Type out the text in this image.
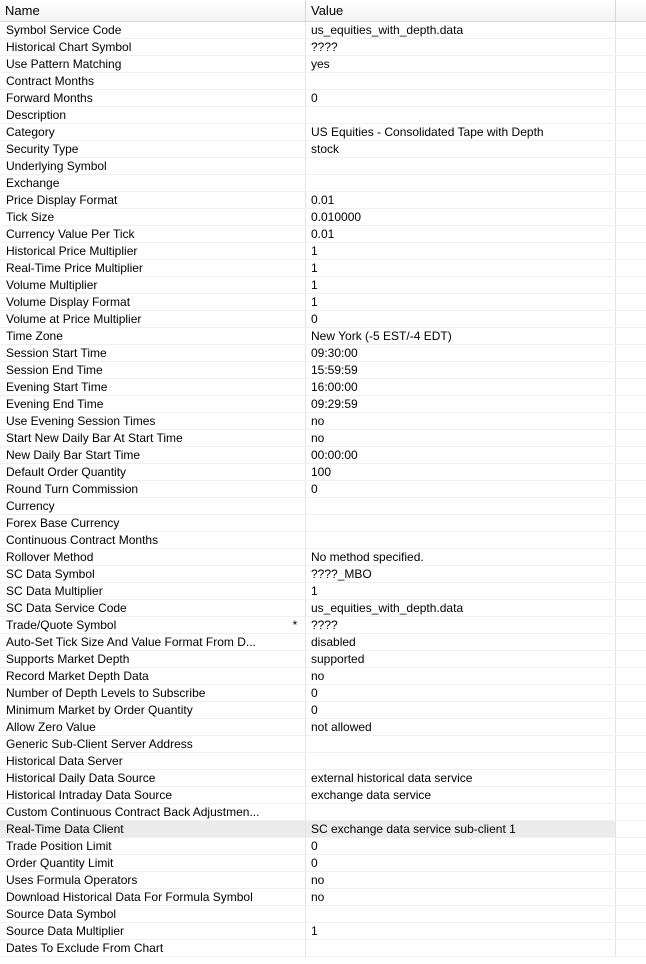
Name	Value
Symbol Service Code	us_equities_with_depth.data
Historical Chart Symbol	????
Use Pattern Matching	yes
Contract Months
Forward Months	0
Description
Category	US Equities - Consolidated Tape with Depth
Security Type	stock
Underlying Symbol
Exchange
Price Display Format	0.01
Tick Size	0.010000
Currency Value Per Tick	0.01
Historical Price Multiplier	1
Real-Time Price Multiplier	1
Volume Multiplier	1
Volume Display Format	1
Volume at Price Multiplier	0
Time Zone	New York (-5 EST/-4 EDT)
Session Start Time	09:30:00
Session End Time	15:59:59
Evening Start Time	16:00:00
Evening End Time	09:29:59
Use Evening Session Times	no
Start New Daily Bar At Start Time	no
New Daily Bar Start Time	00:00:00
Default Order Quantity	100
Round Turn Commission	0
Currency
Forex Base Currency
Continuous Contract Months
Rollover Method	No method specified.
SC Data Symbol	????_MBO
SC Data Multiplier	1
SC Data Service Code	us_equities_with_depth.data
Trade/Quote Symbol	*	????
Auto-Set Tick Size And Value Format From D...	disabled
Supports Market Depth	supported
Record Market Depth Data	no
Number of Depth Levels to Subscribe	0
Minimum Market by Order Quantity	0
Allow Zero Value	not allowed
Generic Sub-Client Server Address
Historical Data Server
Historical Daily Data Source	external historical data service
Historical Intraday Data Source	exchange data service
Custom Continuous Contract Back Adjustmen...
Real-Time Data Client	SC exchange data service sub-client 1
Trade Position Limit	0
Order Quantity Limit	0
Uses Formula Operators	no
Download Historical Data For Formula Symbol	no
Source Data Symbol
Source Data Multiplier	1
Dates To Exclude From Chart
